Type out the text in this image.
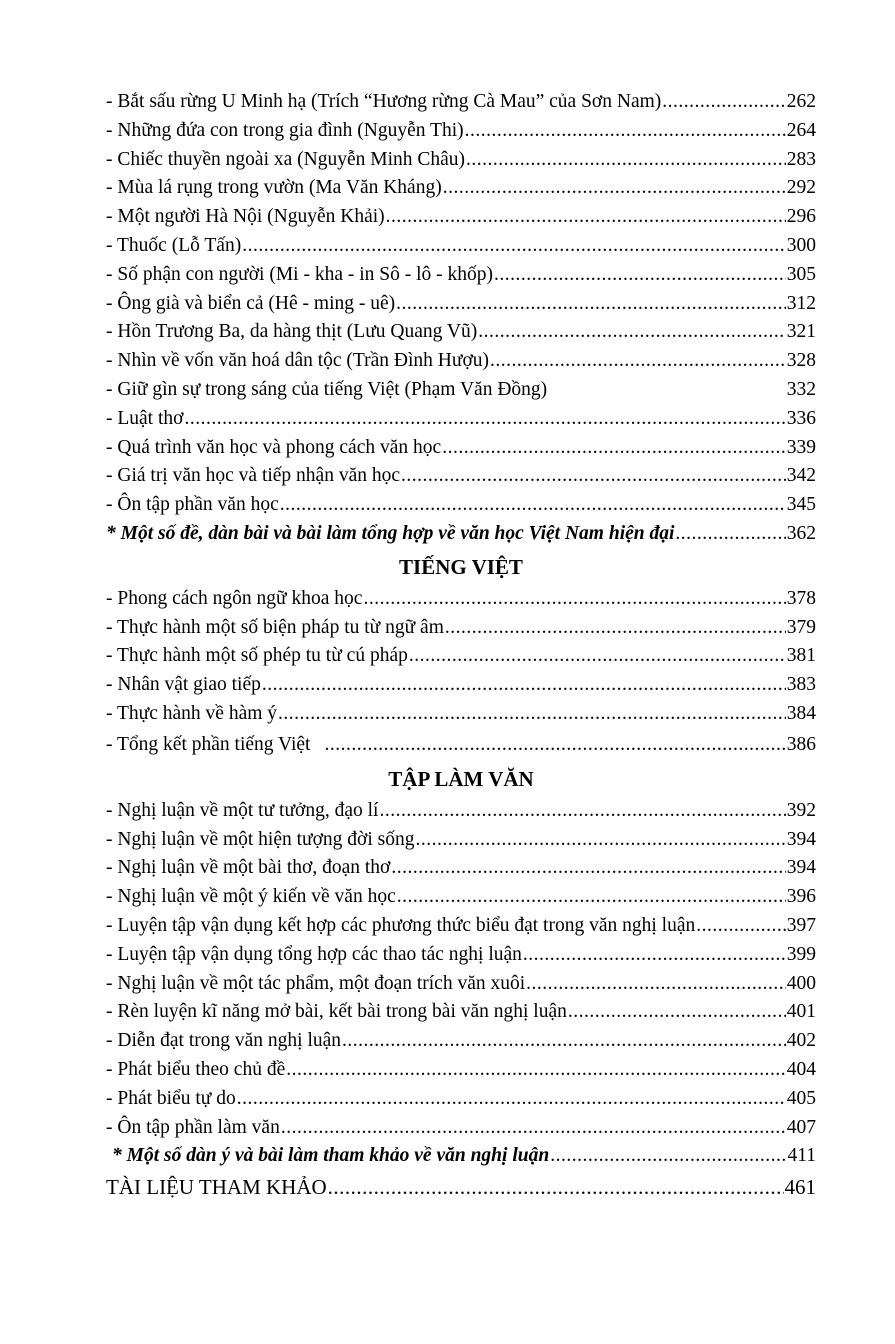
- Bắt sấu rừng U Minh hạ (Trích “Hương rừng Cà Mau” của Sơn Nam) .....	262
- Những đứa con trong gia đình (Nguyễn Thi) .....	264
- Chiếc thuyền ngoài xa (Nguyễn Minh Châu) .....	283
- Mùa lá rụng trong vườn (Ma Văn Kháng) .....	292
- Một người Hà Nội (Nguyễn Khải) .....	296
- Thuốc (Lỗ Tấn) .....	300
- Số phận con người (Mi - kha - in Sô - lô - khốp) .....	305
- Ông già và biển cả (Hê - ming - uê) .....	312
- Hồn Trương Ba, da hàng thịt (Lưu Quang Vũ) .....	321
- Nhìn về vốn văn hoá dân tộc (Trần Đình Hượu) .....	328
- Giữ gìn sự trong sáng của tiếng Việt (Phạm Văn Đồng)	332
- Luật thơ .....	336
- Quá trình văn học và phong cách văn học .....	339
- Giá trị văn học và tiếp nhận văn học .....	342
- Ôn tập phần văn học .....	345
* Một số đề, dàn bài và bài làm tổng hợp về văn học Việt Nam hiện đại .....	362
TIẾNG VIỆT
- Phong cách ngôn ngữ khoa học .....	378
- Thực hành một số biện pháp tu từ ngữ âm .....	379
- Thực hành một số phép tu từ cú pháp .....	381
- Nhân vật giao tiếp .....	383
- Thực hành về hàm ý .....	384
- Tổng kết phần tiếng Việt .....	386
TẬP LÀM VĂN
- Nghị luận về một tư tưởng, đạo lí .....	392
- Nghị luận về một hiện tượng đời sống .....	394
- Nghị luận về một bài thơ, đoạn thơ .....	394
- Nghị luận về một ý kiến về văn học .....	396
- Luyện tập vận dụng kết hợp các phương thức biểu đạt trong văn nghị luận .....	397
- Luyện tập vận dụng tổng hợp các thao tác nghị luận .....	399
- Nghị luận về một tác phẩm, một đoạn trích văn xuôi .....	400
- Rèn luyện kĩ năng mở bài, kết bài trong bài văn nghị luận .....	401
- Diễn đạt trong văn nghị luận .....	402
- Phát biểu theo chủ đề .....	404
- Phát biểu tự do .....	405
- Ôn tập phần làm văn .....	407
* Một số dàn ý và bài làm tham khảo về văn nghị luận .....	411
TÀI LIỆU THAM KHẢO .....	461
